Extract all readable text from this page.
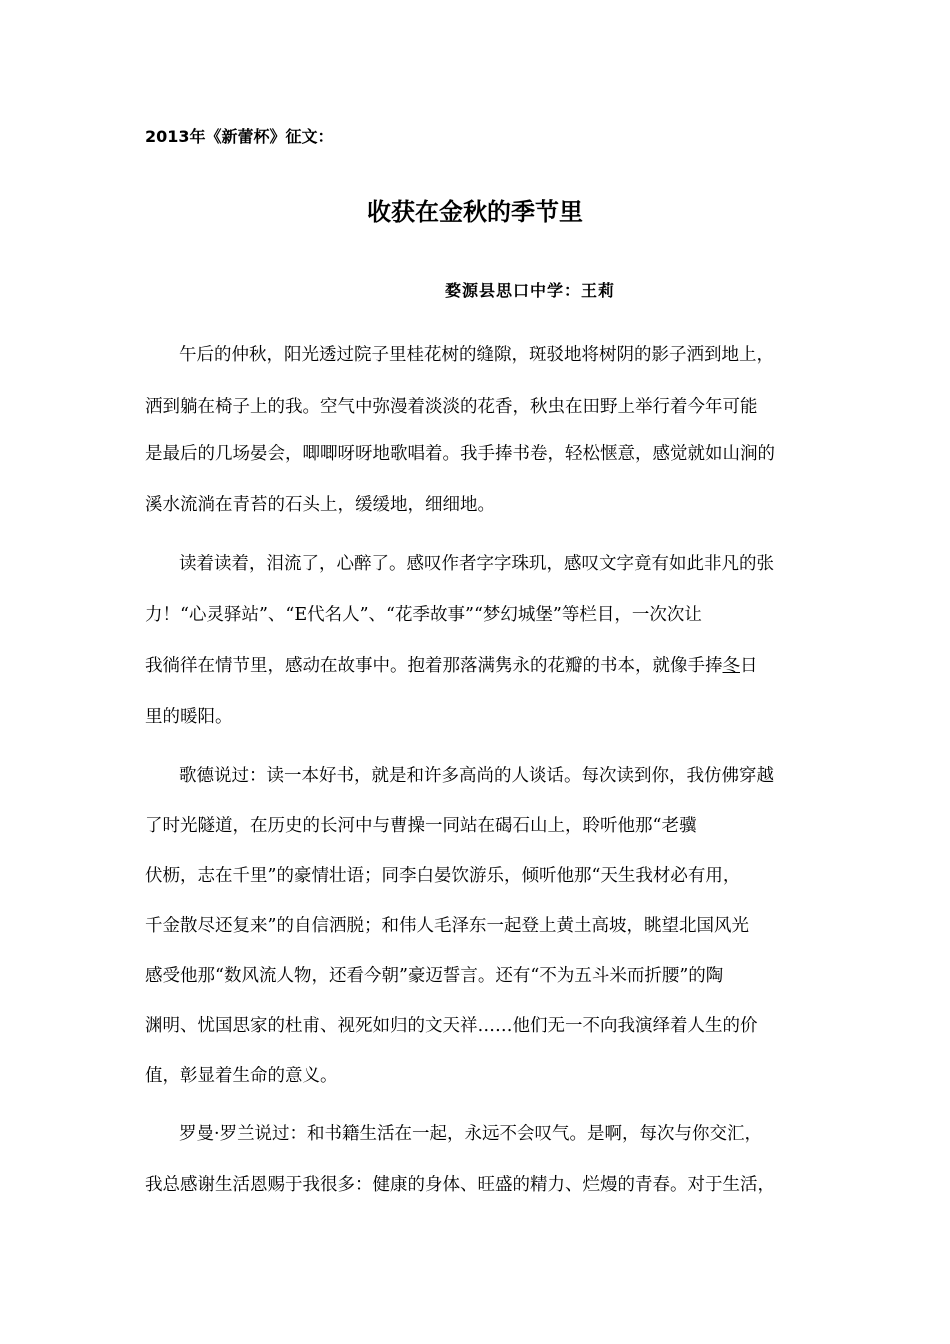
2013年《新蕾杯》征文：
收获在金秋的季节里
婺源县思口中学：王莉
午后的仲秋，阳光透过院子里桂花树的缝隙，斑驳地将树阴的影子洒到地上，
洒到躺在椅子上的我。空气中弥漫着淡淡的花香，秋虫在田野上举行着今年可能
是最后的几场晏会，唧唧呀呀地歌唱着。我手捧书卷，轻松惬意，感觉就如山涧的
溪水流淌在青苔的石头上，缓缓地，细细地。
读着读着，泪流了，心醉了。感叹作者字字珠玑，感叹文字竟有如此非凡的张
力！“心灵驿站”、“E代名人”、“花季故事”“梦幻城堡”等栏目，一次次让
我徜徉在情节里，感动在故事中。抱着那落满隽永的花瓣的书本，就像手捧冬日
里的暖阳。
歌德说过：读一本好书，就是和许多高尚的人谈话。每次读到你，我仿佛穿越
了时光隧道，在历史的长河中与曹操一同站在碣石山上，聆听他那“老骥
伏枥，志在千里”的豪情壮语；同李白晏饮游乐，倾听他那“天生我材必有用，
千金散尽还复来”的自信洒脱；和伟人毛泽东一起登上黄土高坡，眺望北国风光
感受他那“数风流人物，还看今朝”豪迈誓言。还有“不为五斗米而折腰”的陶
渊明、忧国思家的杜甫、视死如归的文天祥……他们无一不向我演绎着人生的价
值，彰显着生命的意义。
罗曼·罗兰说过：和书籍生活在一起，永远不会叹气。是啊，每次与你交汇，
我总感谢生活恩赐于我很多：健康的身体、旺盛的精力、烂熳的青春。对于生活，
